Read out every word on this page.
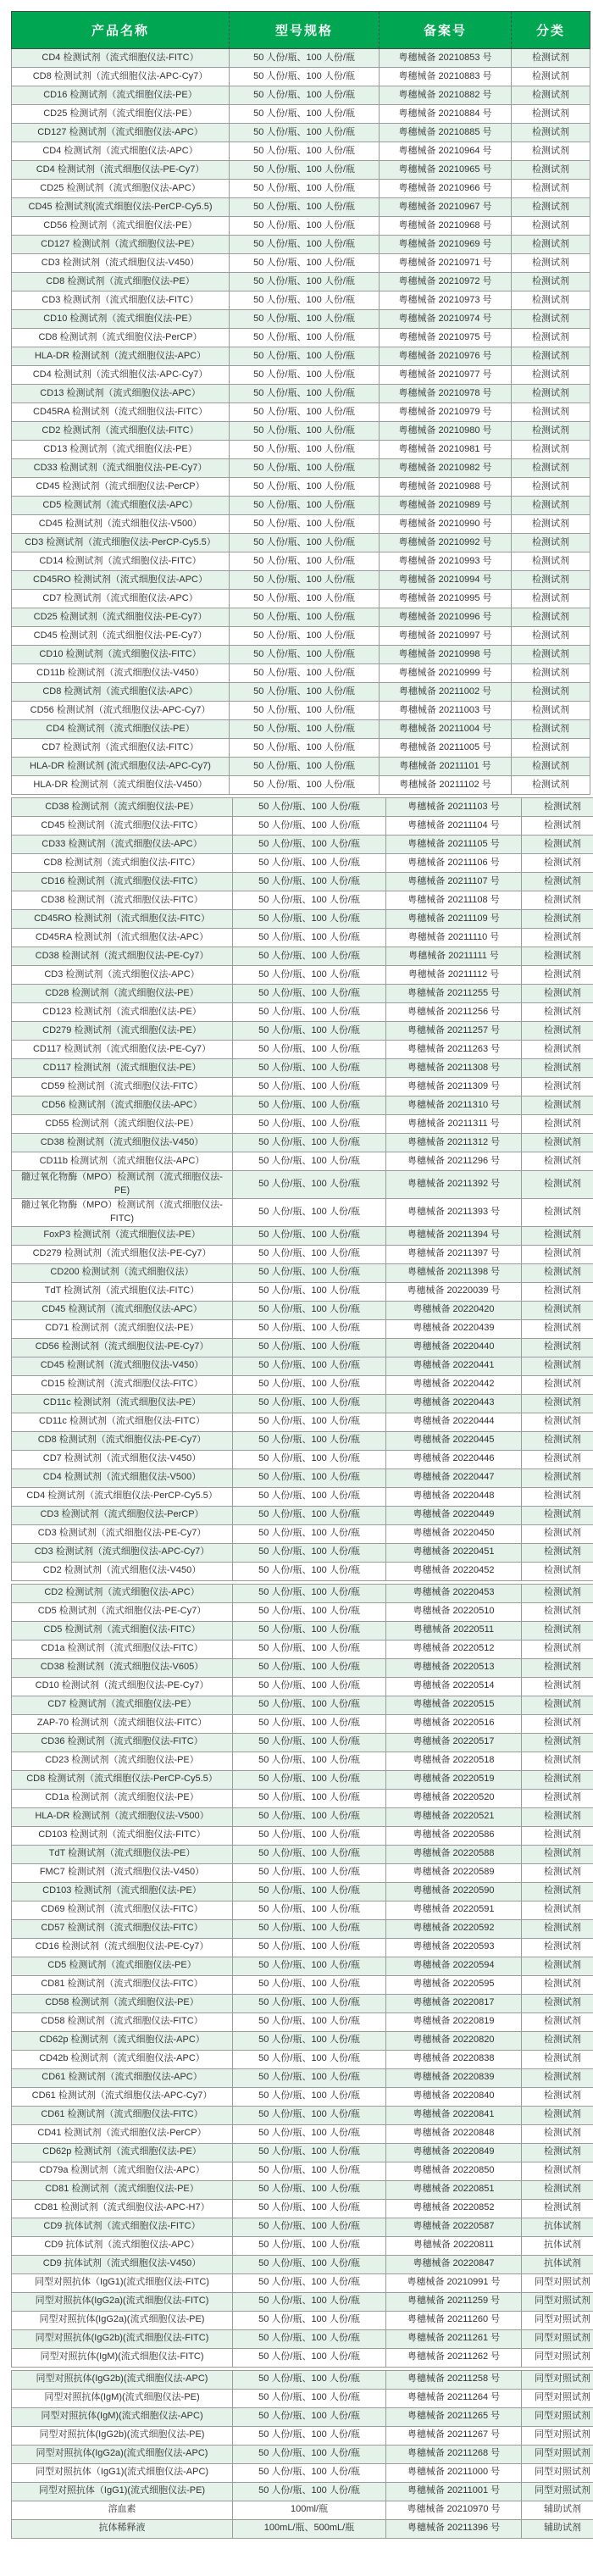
产品名称	型号规格	备案号	分类
CD4 检测试剂（流式细胞仪法-FITC）	50 人份/瓶、100 人份/瓶	粤穗械备 20210853 号	检测试剂
CD8 检测试剂（流式细胞仪法-APC-Cy7）	50 人份/瓶、100 人份/瓶	粤穗械备 20210883 号	检测试剂
CD16 检测试剂（流式细胞仪法-PE）	50 人份/瓶、100 人份/瓶	粤穗械备 20210882 号	检测试剂
CD25 检测试剂（流式细胞仪法-PE）	50 人份/瓶、100 人份/瓶	粤穗械备 20210884 号	检测试剂
CD127 检测试剂（流式细胞仪法-APC）	50 人份/瓶、100 人份/瓶	粤穗械备 20210885 号	检测试剂
CD4 检测试剂（流式细胞仪法-APC）	50 人份/瓶、100 人份/瓶	粤穗械备 20210964 号	检测试剂
CD4 检测试剂（流式细胞仪法-PE-Cy7）	50 人份/瓶、100 人份/瓶	粤穗械备 20210965 号	检测试剂
CD25 检测试剂（流式细胞仪法-APC）	50 人份/瓶、100 人份/瓶	粤穗械备 20210966 号	检测试剂
CD45 检测试剂(流式细胞仪法-PerCP-Cy5.5)	50 人份/瓶、100 人份/瓶	粤穗械备 20210967 号	检测试剂
CD56 检测试剂（流式细胞仪法-PE）	50 人份/瓶、100 人份/瓶	粤穗械备 20210968 号	检测试剂
CD127 检测试剂（流式细胞仪法-PE）	50 人份/瓶、100 人份/瓶	粤穗械备 20210969 号	检测试剂
CD3 检测试剂（流式细胞仪法-V450）	50 人份/瓶、100 人份/瓶	粤穗械备 20210971 号	检测试剂
CD8 检测试剂（流式细胞仪法-PE）	50 人份/瓶、100 人份/瓶	粤穗械备 20210972 号	检测试剂
CD3 检测试剂（流式细胞仪法-FITC）	50 人份/瓶、100 人份/瓶	粤穗械备 20210973 号	检测试剂
CD10 检测试剂（流式细胞仪法-PE）	50 人份/瓶、100 人份/瓶	粤穗械备 20210974 号	检测试剂
CD8 检测试剂（流式细胞仪法-PerCP）	50 人份/瓶、100 人份/瓶	粤穗械备 20210975 号	检测试剂
HLA-DR 检测试剂（流式细胞仪法-APC）	50 人份/瓶、100 人份/瓶	粤穗械备 20210976 号	检测试剂
CD4 检测试剂（流式细胞仪法-APC-Cy7）	50 人份/瓶、100 人份/瓶	粤穗械备 20210977 号	检测试剂
CD13 检测试剂（流式细胞仪法-APC）	50 人份/瓶、100 人份/瓶	粤穗械备 20210978 号	检测试剂
CD45RA 检测试剂（流式细胞仪法-FITC）	50 人份/瓶、100 人份/瓶	粤穗械备 20210979 号	检测试剂
CD2 检测试剂（流式细胞仪法-FITC）	50 人份/瓶、100 人份/瓶	粤穗械备 20210980 号	检测试剂
CD13 检测试剂（流式细胞仪法-PE）	50 人份/瓶、100 人份/瓶	粤穗械备 20210981 号	检测试剂
CD33 检测试剂（流式细胞仪法-PE-Cy7）	50 人份/瓶、100 人份/瓶	粤穗械备 20210982 号	检测试剂
CD45 检测试剂（流式细胞仪法-PerCP）	50 人份/瓶、100 人份/瓶	粤穗械备 20210988 号	检测试剂
CD5 检测试剂（流式细胞仪法-APC）	50 人份/瓶、100 人份/瓶	粤穗械备 20210989 号	检测试剂
CD45 检测试剂（流式细胞仪法-V500）	50 人份/瓶、100 人份/瓶	粤穗械备 20210990 号	检测试剂
CD3 检测试剂（流式细胞仪法-PerCP-Cy5.5）	50 人份/瓶、100 人份/瓶	粤穗械备 20210992 号	检测试剂
CD14 检测试剂（流式细胞仪法-FITC）	50 人份/瓶、100 人份/瓶	粤穗械备 20210993 号	检测试剂
CD45RO 检测试剂（流式细胞仪法-APC）	50 人份/瓶、100 人份/瓶	粤穗械备 20210994 号	检测试剂
CD7 检测试剂（流式细胞仪法-APC）	50 人份/瓶、100 人份/瓶	粤穗械备 20210995 号	检测试剂
CD25 检测试剂（流式细胞仪法-PE-Cy7）	50 人份/瓶、100 人份/瓶	粤穗械备 20210996 号	检测试剂
CD45 检测试剂（流式细胞仪法-PE-Cy7）	50 人份/瓶、100 人份/瓶	粤穗械备 20210997 号	检测试剂
CD10 检测试剂（流式细胞仪法-FITC）	50 人份/瓶、100 人份/瓶	粤穗械备 20210998 号	检测试剂
CD11b 检测试剂（流式细胞仪法-V450）	50 人份/瓶、100 人份/瓶	粤穗械备 20210999 号	检测试剂
CD8 检测试剂（流式细胞仪法-APC）	50 人份/瓶、100 人份/瓶	粤穗械备 20211002 号	检测试剂
CD56 检测试剂（流式细胞仪法-APC-Cy7）	50 人份/瓶、100 人份/瓶	粤穗械备 20211003 号	检测试剂
CD4 检测试剂（流式细胞仪法-PE）	50 人份/瓶、100 人份/瓶	粤穗械备 20211004 号	检测试剂
CD7 检测试剂（流式细胞仪法-FITC）	50 人份/瓶、100 人份/瓶	粤穗械备 20211005 号	检测试剂
HLA-DR 检测试剂 (流式细胞仪法-APC-Cy7)	50 人份/瓶、100 人份/瓶	粤穗械备 20211101 号	检测试剂
HLA-DR 检测试剂（流式细胞仪法-V450）	50 人份/瓶、100 人份/瓶	粤穗械备 20211102 号	检测试剂
CD38 检测试剂（流式细胞仪法-PE）	50 人份/瓶、100 人份/瓶	粤穗械备 20211103 号	检测试剂
CD45 检测试剂（流式细胞仪法-FITC）	50 人份/瓶、100 人份/瓶	粤穗械备 20211104 号	检测试剂
CD33 检测试剂（流式细胞仪法-APC）	50 人份/瓶、100 人份/瓶	粤穗械备 20211105 号	检测试剂
CD8 检测试剂（流式细胞仪法-FITC）	50 人份/瓶、100 人份/瓶	粤穗械备 20211106 号	检测试剂
CD16 检测试剂（流式细胞仪法-FITC）	50 人份/瓶、100 人份/瓶	粤穗械备 20211107 号	检测试剂
CD38 检测试剂（流式细胞仪法-FITC）	50 人份/瓶、100 人份/瓶	粤穗械备 20211108 号	检测试剂
CD45RO 检测试剂（流式细胞仪法-FITC）	50 人份/瓶、100 人份/瓶	粤穗械备 20211109 号	检测试剂
CD45RA 检测试剂（流式细胞仪法-APC）	50 人份/瓶、100 人份/瓶	粤穗械备 20211110 号	检测试剂
CD38 检测试剂（流式细胞仪法-PE-Cy7）	50 人份/瓶、100 人份/瓶	粤穗械备 20211111 号	检测试剂
CD3 检测试剂（流式细胞仪法-APC）	50 人份/瓶、100 人份/瓶	粤穗械备 20211112 号	检测试剂
CD28 检测试剂（流式细胞仪法-PE）	50 人份/瓶、100 人份/瓶	粤穗械备 20211255 号	检测试剂
CD123 检测试剂（流式细胞仪法-PE）	50 人份/瓶、100 人份/瓶	粤穗械备 20211256 号	检测试剂
CD279 检测试剂（流式细胞仪法-PE）	50 人份/瓶、100 人份/瓶	粤穗械备 20211257 号	检测试剂
CD117 检测试剂（流式细胞仪法-PE-Cy7）	50 人份/瓶、100 人份/瓶	粤穗械备 20211263 号	检测试剂
CD117 检测试剂（流式细胞仪法-PE）	50 人份/瓶、100 人份/瓶	粤穗械备 20211308 号	检测试剂
CD59 检测试剂（流式细胞仪法-FITC）	50 人份/瓶、100 人份/瓶	粤穗械备 20211309 号	检测试剂
CD56 检测试剂（流式细胞仪法-APC）	50 人份/瓶、100 人份/瓶	粤穗械备 20211310 号	检测试剂
CD55 检测试剂（流式细胞仪法-PE）	50 人份/瓶、100 人份/瓶	粤穗械备 20211311 号	检测试剂
CD38 检测试剂（流式细胞仪法-V450）	50 人份/瓶、100 人份/瓶	粤穗械备 20211312 号	检测试剂
CD11b 检测试剂（流式细胞仪法-APC）	50 人份/瓶、100 人份/瓶	粤穗械备 20211296 号	检测试剂
髓过氧化物酶（MPO）检测试剂（流式细胞仪法-PE)	50 人份/瓶、100 人份/瓶	粤穗械备 20211392 号	检测试剂
髓过氧化物酶（MPO）检测试剂（流式细胞仪法-FITC)	50 人份/瓶、100 人份/瓶	粤穗械备 20211393 号	检测试剂
FoxP3 检测试剂（流式细胞仪法-PE）	50 人份/瓶、100 人份/瓶	粤穗械备 20211394 号	检测试剂
CD279 检测试剂（流式细胞仪法-PE-Cy7）	50 人份/瓶、100 人份/瓶	粤穗械备 20211397 号	检测试剂
CD200 检测试剂（流式细胞仪法）	50 人份/瓶、100 人份/瓶	粤穗械备 20211398 号	检测试剂
TdT 检测试剂（流式细胞仪法-FITC）	50 人份/瓶、100 人份/瓶	粤穗械备 20220039 号	检测试剂
CD45 检测试剂（流式细胞仪法-APC）	50 人份/瓶、100 人份/瓶	粤穗械备 20220420	检测试剂
CD71 检测试剂（流式细胞仪法-PE）	50 人份/瓶、100 人份/瓶	粤穗械备 20220439	检测试剂
CD56 检测试剂（流式细胞仪法-PE-Cy7）	50 人份/瓶、100 人份/瓶	粤穗械备 20220440	检测试剂
CD45 检测试剂（流式细胞仪法-V450）	50 人份/瓶、100 人份/瓶	粤穗械备 20220441	检测试剂
CD15 检测试剂（流式细胞仪法-FITC）	50 人份/瓶、100 人份/瓶	粤穗械备 20220442	检测试剂
CD11c 检测试剂（流式细胞仪法-PE）	50 人份/瓶、100 人份/瓶	粤穗械备 20220443	检测试剂
CD11c 检测试剂（流式细胞仪法-FITC）	50 人份/瓶、100 人份/瓶	粤穗械备 20220444	检测试剂
CD8 检测试剂（流式细胞仪法-PE-Cy7）	50 人份/瓶、100 人份/瓶	粤穗械备 20220445	检测试剂
CD7 检测试剂（流式细胞仪法-V450）	50 人份/瓶、100 人份/瓶	粤穗械备 20220446	检测试剂
CD4 检测试剂（流式细胞仪法-V500）	50 人份/瓶、100 人份/瓶	粤穗械备 20220447	检测试剂
CD4 检测试剂（流式细胞仪法-PerCP-Cy5.5）	50 人份/瓶、100 人份/瓶	粤穗械备 20220448	检测试剂
CD3 检测试剂（流式细胞仪法-PerCP）	50 人份/瓶、100 人份/瓶	粤穗械备 20220449	检测试剂
CD3 检测试剂（流式细胞仪法-PE-Cy7）	50 人份/瓶、100 人份/瓶	粤穗械备 20220450	检测试剂
CD3 检测试剂（流式细胞仪法-APC-Cy7）	50 人份/瓶、100 人份/瓶	粤穗械备 20220451	检测试剂
CD2 检测试剂（流式细胞仪法-V450）	50 人份/瓶、100 人份/瓶	粤穗械备 20220452	检测试剂
CD2 检测试剂（流式细胞仪法-APC）	50 人份/瓶、100 人份/瓶	粤穗械备 20220453	检测试剂
CD5 检测试剂（流式细胞仪法-PE-Cy7）	50 人份/瓶、100 人份/瓶	粤穗械备 20220510	检测试剂
CD5 检测试剂（流式细胞仪法-FITC）	50 人份/瓶、100 人份/瓶	粤穗械备 20220511	检测试剂
CD1a 检测试剂（流式细胞仪法-FITC）	50 人份/瓶、100 人份/瓶	粤穗械备 20220512	检测试剂
CD38 检测试剂（流式细胞仪法-V605）	50 人份/瓶、100 人份/瓶	粤穗械备 20220513	检测试剂
CD10 检测试剂（流式细胞仪法-PE-Cy7）	50 人份/瓶、100 人份/瓶	粤穗械备 20220514	检测试剂
CD7 检测试剂（流式细胞仪法-PE）	50 人份/瓶、100 人份/瓶	粤穗械备 20220515	检测试剂
ZAP-70 检测试剂（流式细胞仪法-FITC）	50 人份/瓶、100 人份/瓶	粤穗械备 20220516	检测试剂
CD36 检测试剂（流式细胞仪法-FITC）	50 人份/瓶、100 人份/瓶	粤穗械备 20220517	检测试剂
CD23 检测试剂（流式细胞仪法-PE）	50 人份/瓶、100 人份/瓶	粤穗械备 20220518	检测试剂
CD8 检测试剂（流式细胞仪法-PerCP-Cy5.5）	50 人份/瓶、100 人份/瓶	粤穗械备 20220519	检测试剂
CD1a 检测试剂（流式细胞仪法-PE）	50 人份/瓶、100 人份/瓶	粤穗械备 20220520	检测试剂
HLA-DR 检测试剂（流式细胞仪法-V500）	50 人份/瓶、100 人份/瓶	粤穗械备 20220521	检测试剂
CD103 检测试剂（流式细胞仪法-FITC）	50 人份/瓶、100 人份/瓶	粤穗械备 20220586	检测试剂
TdT 检测试剂（流式细胞仪法-PE）	50 人份/瓶、100 人份/瓶	粤穗械备 20220588	检测试剂
FMC7 检测试剂（流式细胞仪法-V450）	50 人份/瓶、100 人份/瓶	粤穗械备 20220589	检测试剂
CD103 检测试剂（流式细胞仪法-PE）	50 人份/瓶、100 人份/瓶	粤穗械备 20220590	检测试剂
CD69 检测试剂（流式细胞仪法-FITC）	50 人份/瓶、100 人份/瓶	粤穗械备 20220591	检测试剂
CD57 检测试剂（流式细胞仪法-FITC）	50 人份/瓶、100 人份/瓶	粤穗械备 20220592	检测试剂
CD16 检测试剂（流式细胞仪法-PE-Cy7）	50 人份/瓶、100 人份/瓶	粤穗械备 20220593	检测试剂
CD5 检测试剂（流式细胞仪法-PE）	50 人份/瓶、100 人份/瓶	粤穗械备 20220594	检测试剂
CD81 检测试剂（流式细胞仪法-FITC）	50 人份/瓶、100 人份/瓶	粤穗械备 20220595	检测试剂
CD58 检测试剂（流式细胞仪法-PE）	50 人份/瓶、100 人份/瓶	粤穗械备 20220817	检测试剂
CD58 检测试剂（流式细胞仪法-FITC）	50 人份/瓶、100 人份/瓶	粤穗械备 20220819	检测试剂
CD62p 检测试剂（流式细胞仪法-APC）	50 人份/瓶、100 人份/瓶	粤穗械备 20220820	检测试剂
CD42b 检测试剂（流式细胞仪法-APC）	50 人份/瓶、100 人份/瓶	粤穗械备 20220838	检测试剂
CD61 检测试剂（流式细胞仪法-APC）	50 人份/瓶、100 人份/瓶	粤穗械备 20220839	检测试剂
CD61 检测试剂（流式细胞仪法-APC-Cy7）	50 人份/瓶、100 人份/瓶	粤穗械备 20220840	检测试剂
CD61 检测试剂（流式细胞仪法-FITC）	50 人份/瓶、100 人份/瓶	粤穗械备 20220841	检测试剂
CD41 检测试剂（流式细胞仪法-PerCP）	50 人份/瓶、100 人份/瓶	粤穗械备 20220848	检测试剂
CD62p 检测试剂（流式细胞仪法-PE）	50 人份/瓶、100 人份/瓶	粤穗械备 20220849	检测试剂
CD79a 检测试剂（流式细胞仪法-APC）	50 人份/瓶、100 人份/瓶	粤穗械备 20220850	检测试剂
CD81 检测试剂（流式细胞仪法-PE）	50 人份/瓶、100 人份/瓶	粤穗械备 20220851	检测试剂
CD81 检测试剂（流式细胞仪法-APC-H7）	50 人份/瓶、100 人份/瓶	粤穗械备 20220852	检测试剂
CD9 抗体试剂（流式细胞仪法-FITC）	50 人份/瓶、100 人份/瓶	粤穗械备 20220587	抗体试剂
CD9 抗体试剂（流式细胞仪法-APC）	50 人份/瓶、100 人份/瓶	粤穗械备 20220811	抗体试剂
CD9 抗体试剂（流式细胞仪法-V450）	50 人份/瓶、100 人份/瓶	粤穗械备 20220847	抗体试剂
同型对照抗体（IgG1)(流式细胞仪法-FITC)	50 人份/瓶、100 人份/瓶	粤穗械备 20210991 号	同型对照试剂
同型对照抗体(IgG2a)(流式细胞仪法-FITC)	50 人份/瓶、100 人份/瓶	粤穗械备 20211259 号	同型对照试剂
同型对照抗体(IgG2a)(流式细胞仪法-PE)	50 人份/瓶、100 人份/瓶	粤穗械备 20211260 号	同型对照试剂
同型对照抗体(IgG2b)(流式细胞仪法-FITC)	50 人份/瓶、100 人份/瓶	粤穗械备 20211261 号	同型对照试剂
同型对照抗体(IgM)(流式细胞仪法-FITC)	50 人份/瓶、100 人份/瓶	粤穗械备 20211262 号	同型对照试剂
同型对照抗体(IgG2b)(流式细胞仪法-APC)	50 人份/瓶、100 人份/瓶	粤穗械备 20211258 号	同型对照试剂
同型对照抗体(IgM)(流式细胞仪法-PE)	50 人份/瓶、100 人份/瓶	粤穗械备 20211264 号	同型对照试剂
同型对照抗体(IgM)(流式细胞仪法-APC)	50 人份/瓶、100 人份/瓶	粤穗械备 20211265 号	同型对照试剂
同型对照抗体(IgG2b)(流式细胞仪法-PE)	50 人份/瓶、100 人份/瓶	粤穗械备 20211267 号	同型对照试剂
同型对照抗体(IgG2a)(流式细胞仪法-APC)	50 人份/瓶、100 人份/瓶	粤穗械备 20211268 号	同型对照试剂
同型对照抗体（IgG1)(流式细胞仪法-APC)	50 人份/瓶、100 人份/瓶	粤穗械备 20211000 号	同型对照试剂
同型对照抗体（IgG1)(流式细胞仪法-PE)	50 人份/瓶、100 人份/瓶	粤穗械备 20211001 号	同型对照试剂
溶血素	100ml/瓶	粤穗械备 20210970 号	辅助试剂
抗体稀释液	100mL/瓶、500mL/瓶	粤穗械备 20211396 号	辅助试剂
